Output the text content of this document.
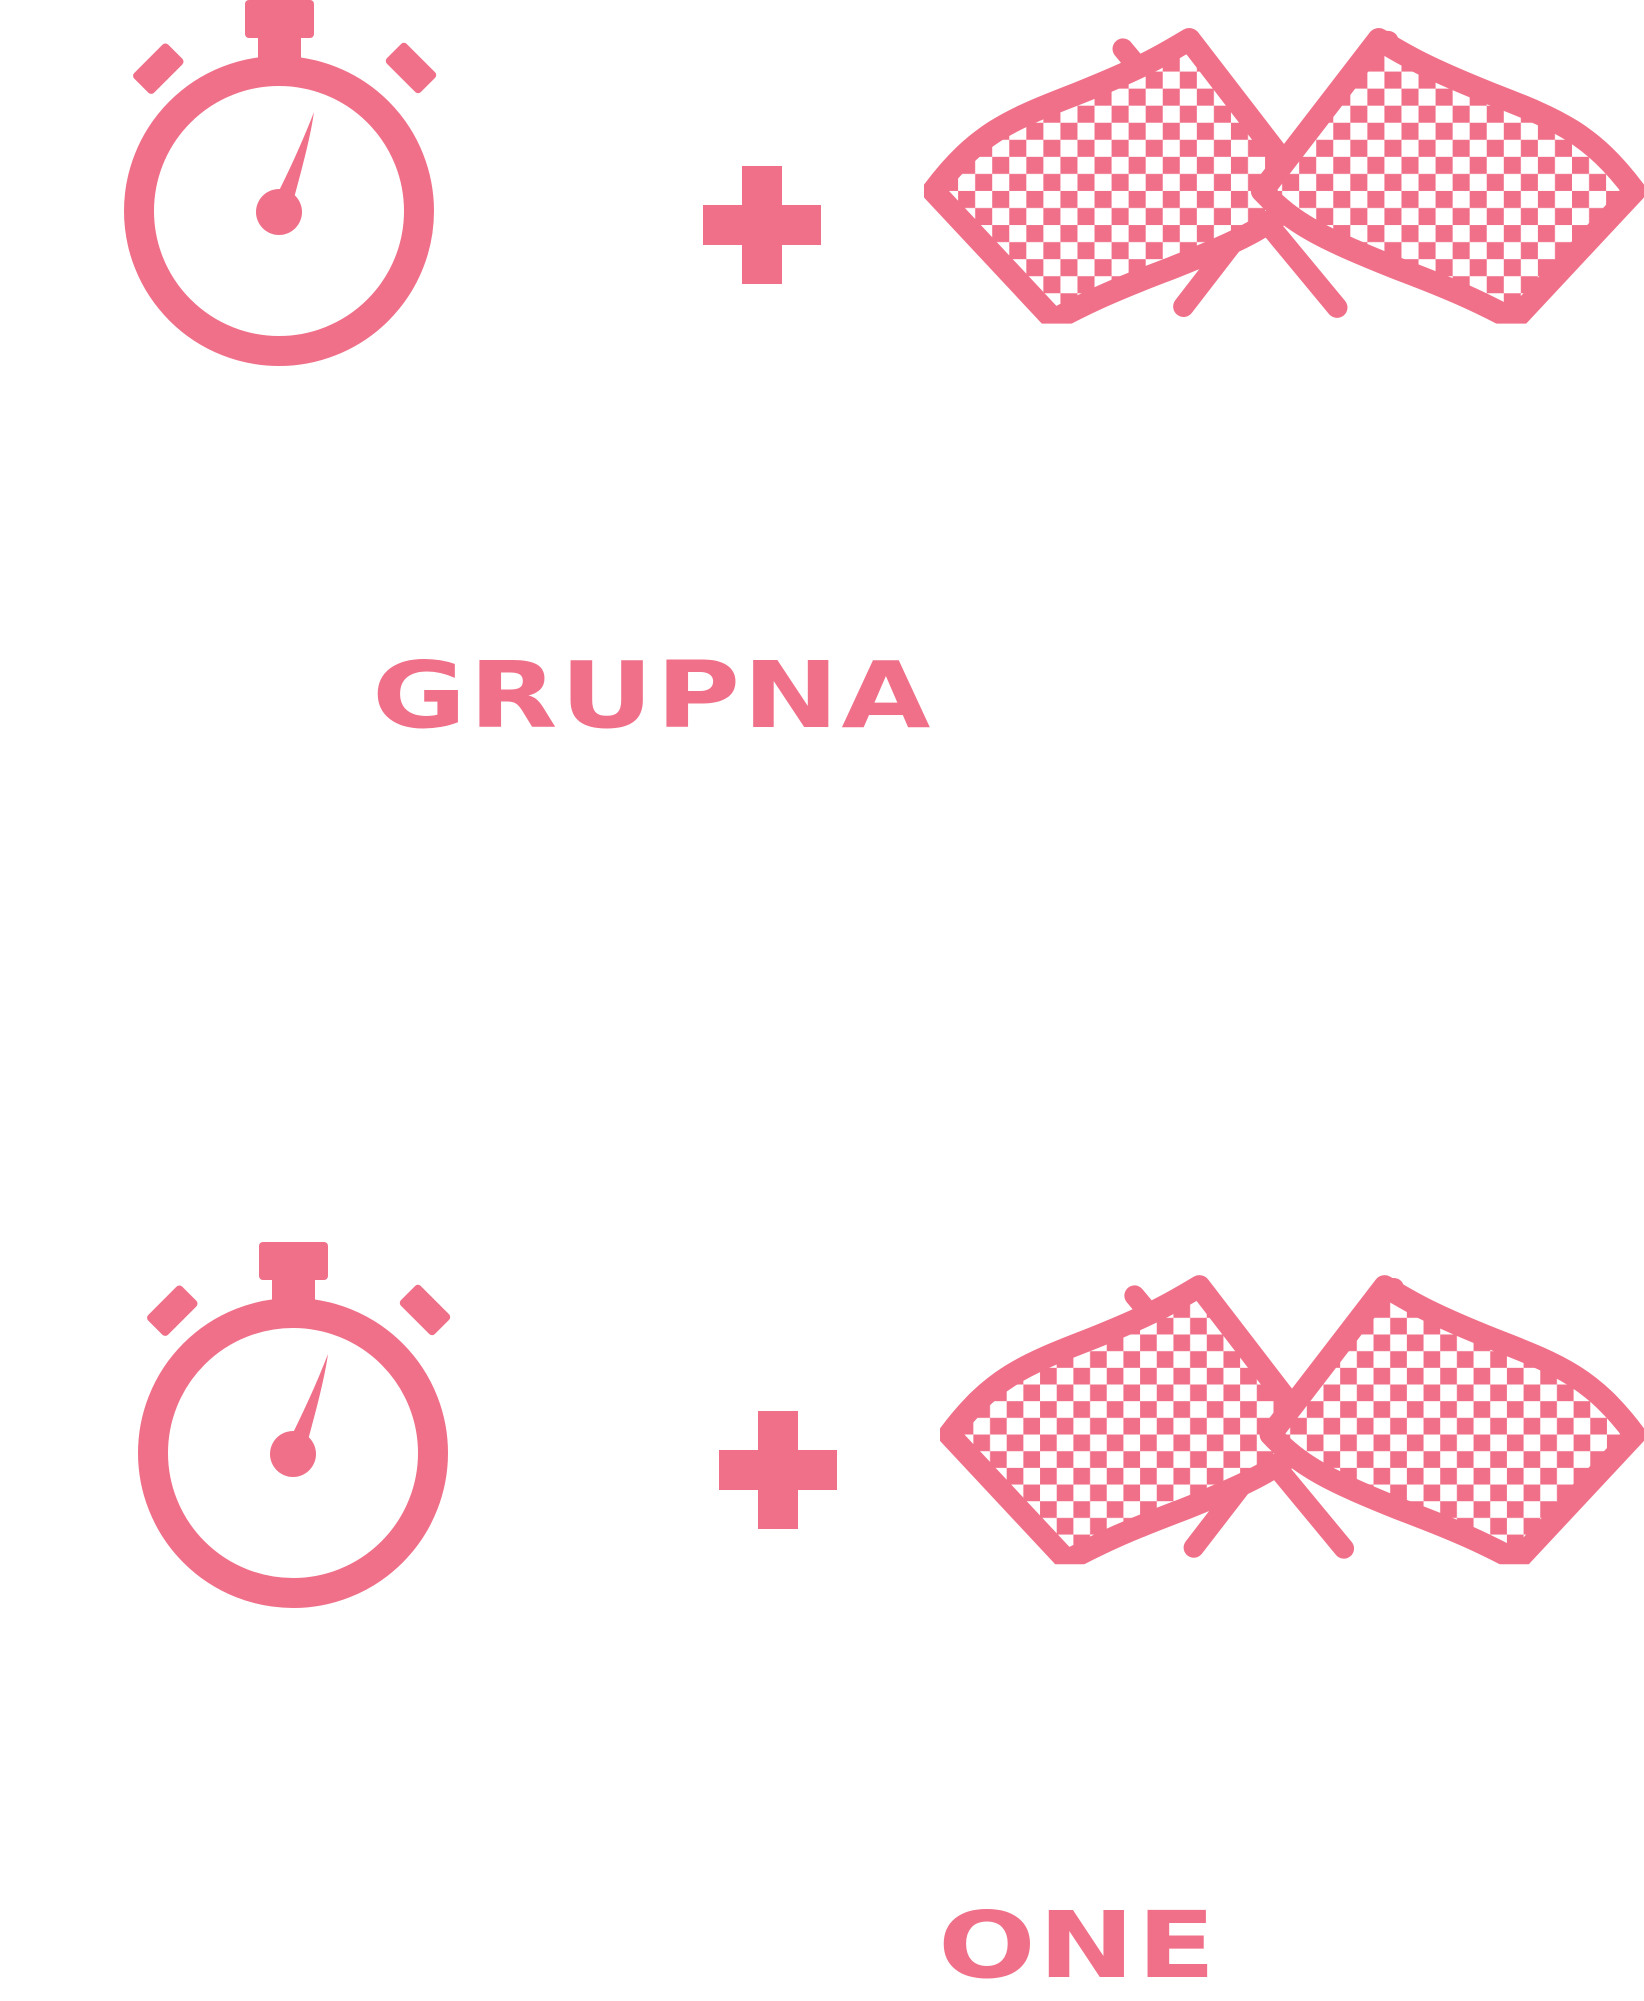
GRUPNA
ONE
